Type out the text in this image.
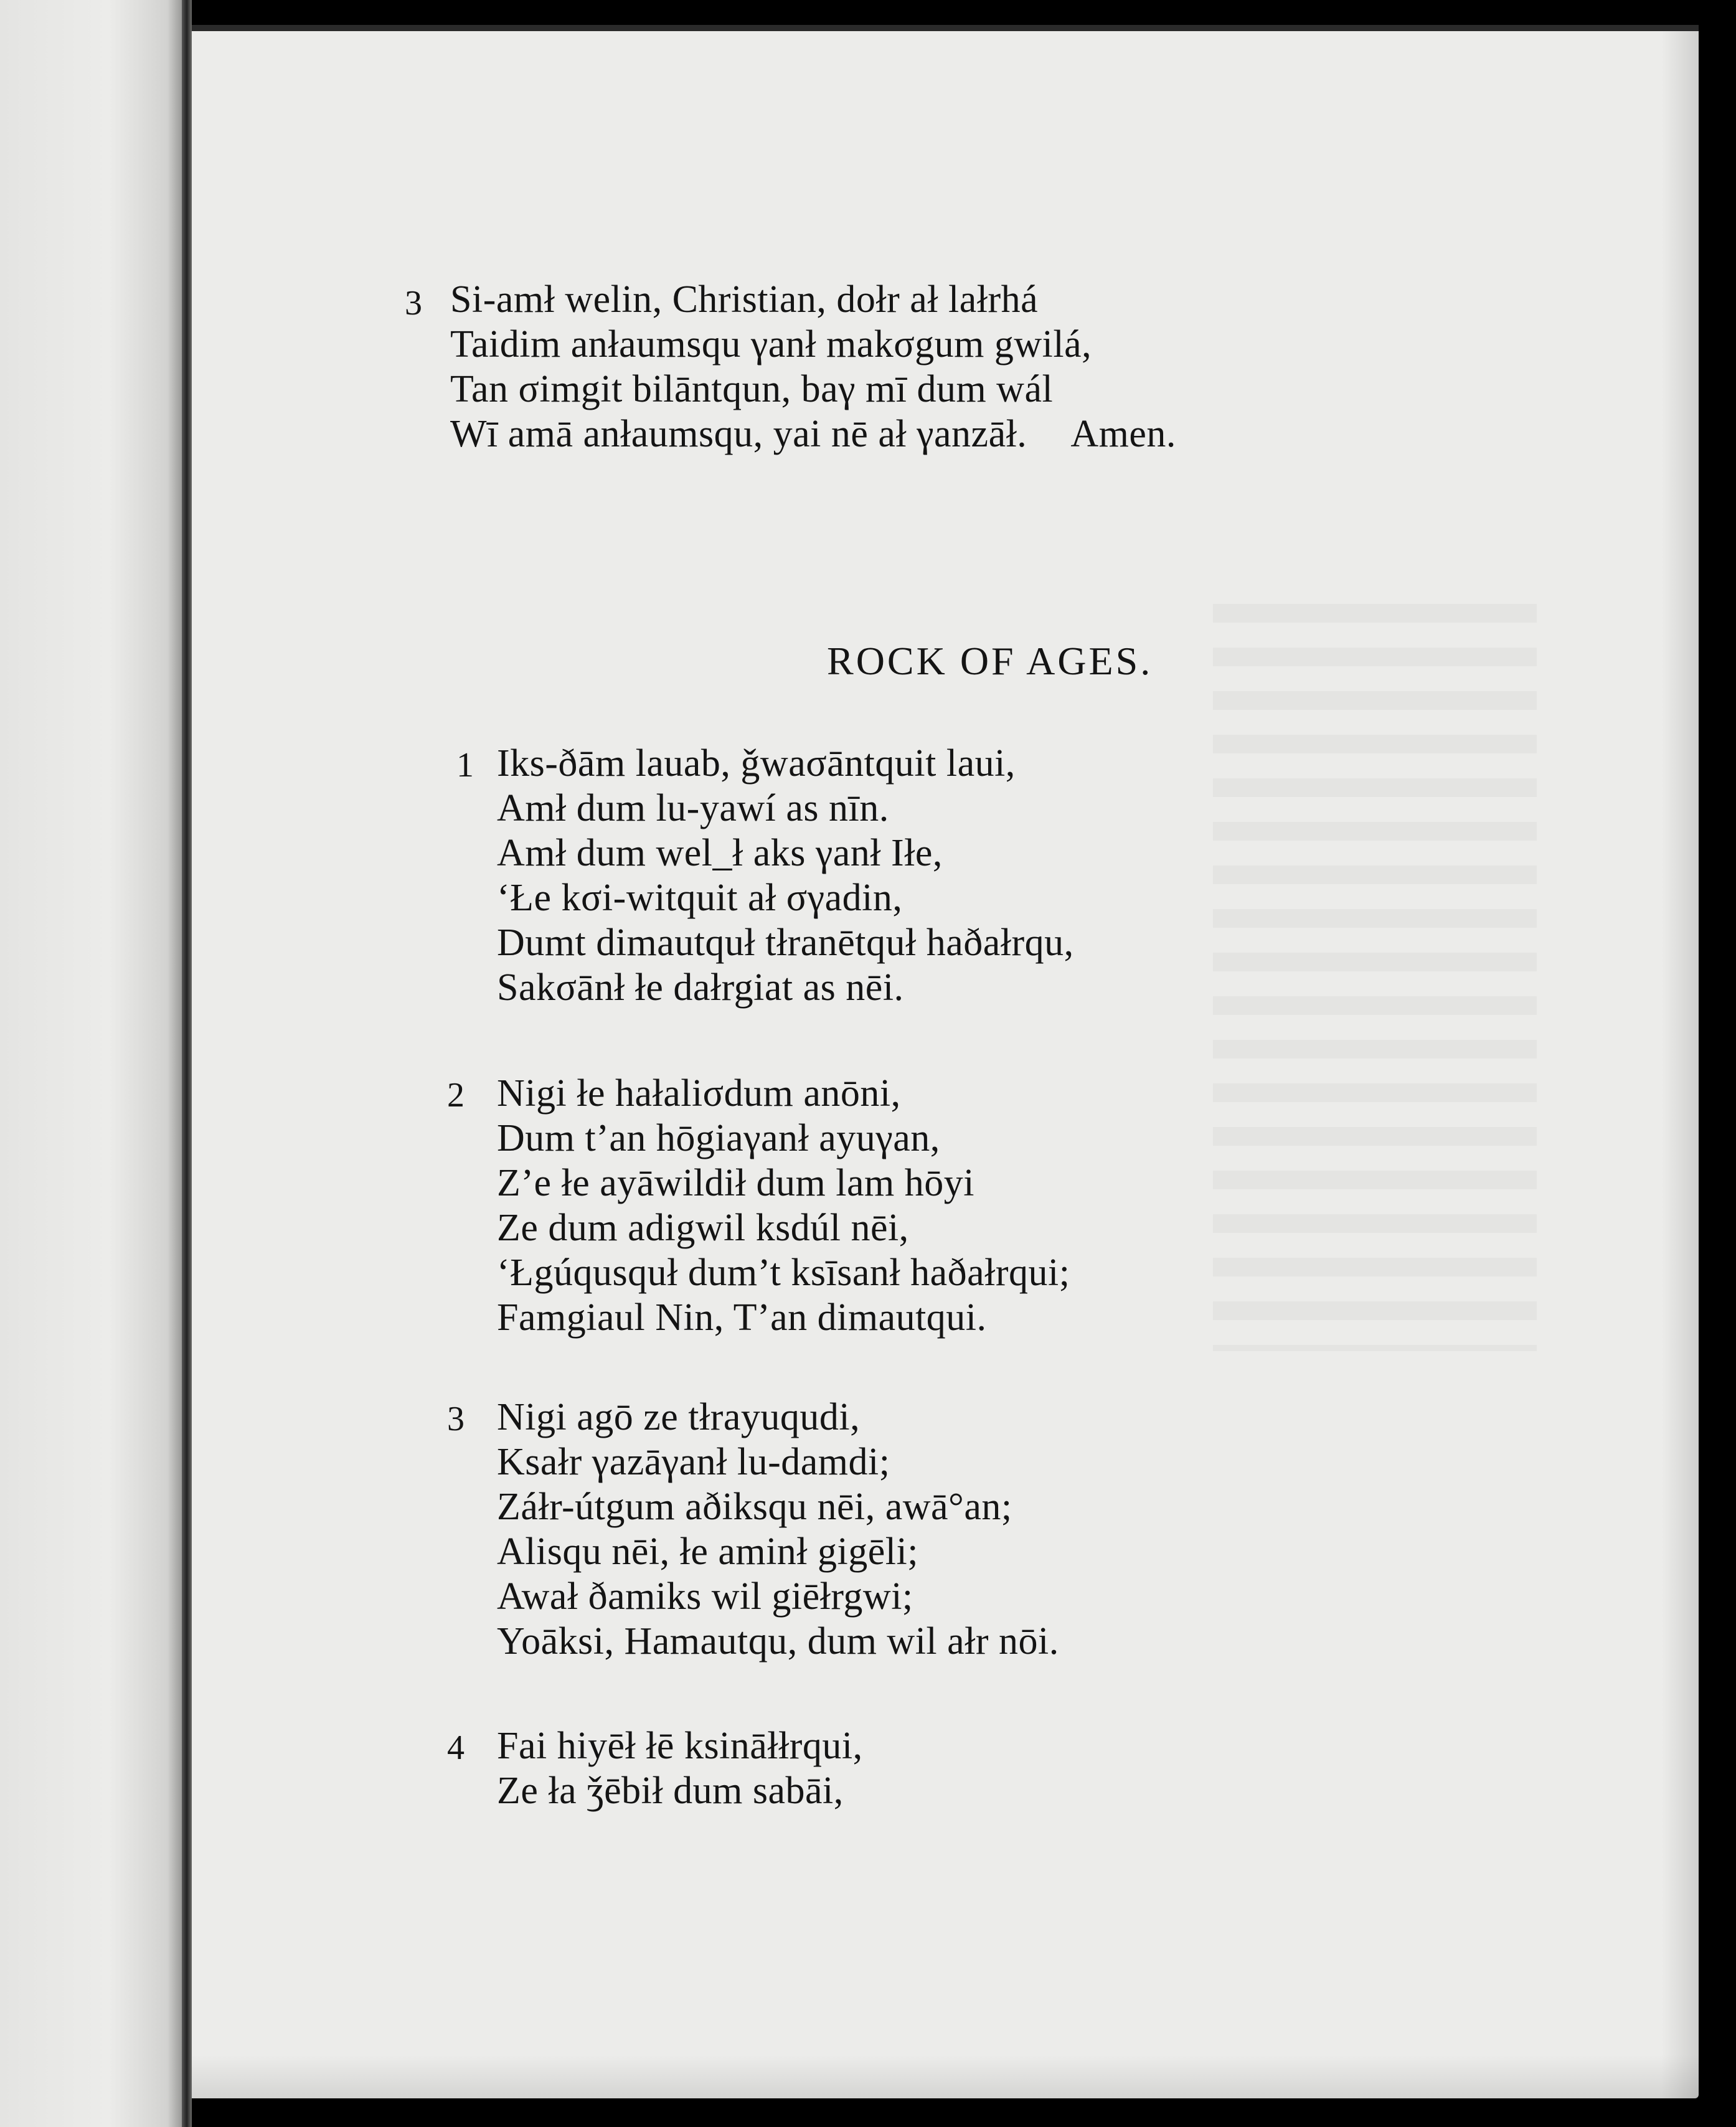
3 Si-amł welin, Christian, dołr ał lałrhá
Taidim anłaumsqu γanł makσgum gwilá,
Tan σimgit bilāntqun, baγ mī dum wál
Wī amā anłaumsqu, yai nē ał γanzāł. Amen.
ROCK OF AGES.
1 Iks-ðām lauab, ǧwaσāntquit laui,
Amł dum lu-yawí as nīn.
Amł dum wel_ł aks γanł Iłe,
‘Łe kσi-witquit ał σγadin,
Dumt dimautquł tłranētquł haðałrqu,
Sakσānł łe dałrgiat as nēi.
2 Nigi łe hałaliσdum anōni,
Dum t’an hōgiaγanł ayuγan,
Z’e łe ayāwildił dum lam hōyi
Ze dum adigwil ksdúl nēi,
‘Łgúqusquł dum’t ksīsanł haðałrqui;
Famgiaul Nin, T’an dimautqui.
3 Nigi agō ze tłrayuqudi,
Ksałr γazāγanł lu-damdi;
Záłr-útgum aðiksqu nēi, awā°an;
Alisqu nēi, łe aminł gigēli;
Awał ðamiks wil giēłrgwi;
Yoāksi, Hamautqu, dum wil ałr nōi.
4 Fai hiyēł łē ksināłłrqui,
Ze ła ǯēbił dum sabāi,
